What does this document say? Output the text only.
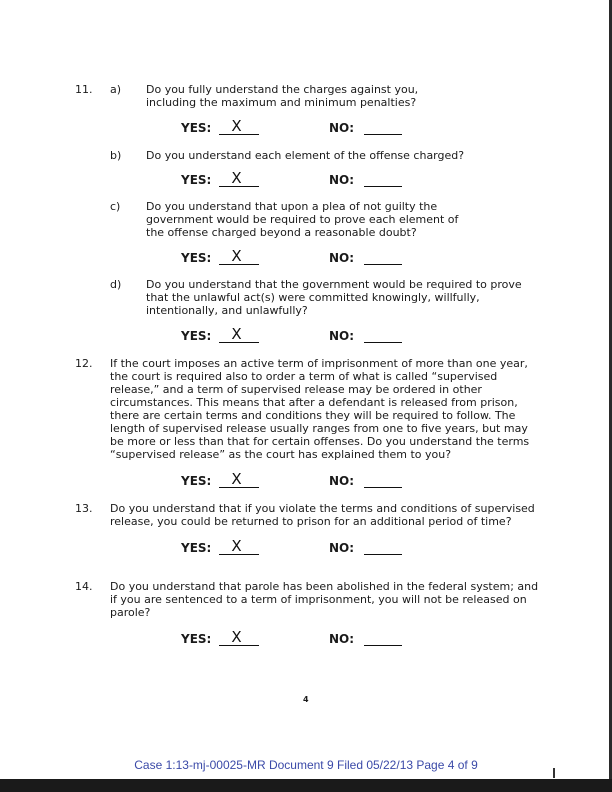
11. a) Do you fully understand the charges against you,
including the maximum and minimum penalties?
YES: X	NO:
b) Do you understand each element of the offense charged?
YES: X	NO:
c) Do you understand that upon a plea of not guilty the
government would be required to prove each element of
the offense charged beyond a reasonable doubt?
YES: X	NO:
d) Do you understand that the government would be required to prove
that the unlawful act(s) were committed knowingly, willfully,
intentionally, and unlawfully?
YES: X	NO:
12. If the court imposes an active term of imprisonment of more than one year,
the court is required also to order a term of what is called “supervised
release,” and a term of supervised release may be ordered in other
circumstances. This means that after a defendant is released from prison,
there are certain terms and conditions they will be required to follow. The
length of supervised release usually ranges from one to five years, but may
be more or less than that for certain offenses. Do you understand the terms
“supervised release” as the court has explained them to you?
YES: X	NO:
13. Do you understand that if you violate the terms and conditions of supervised
release, you could be returned to prison for an additional period of time?
YES: X	NO:
14. Do you understand that parole has been abolished in the federal system; and
if you are sentenced to a term of imprisonment, you will not be released on
parole?
YES: X	NO:
4
Case 1:13-mj-00025-MR Document 9 Filed 05/22/13 Page 4 of 9
